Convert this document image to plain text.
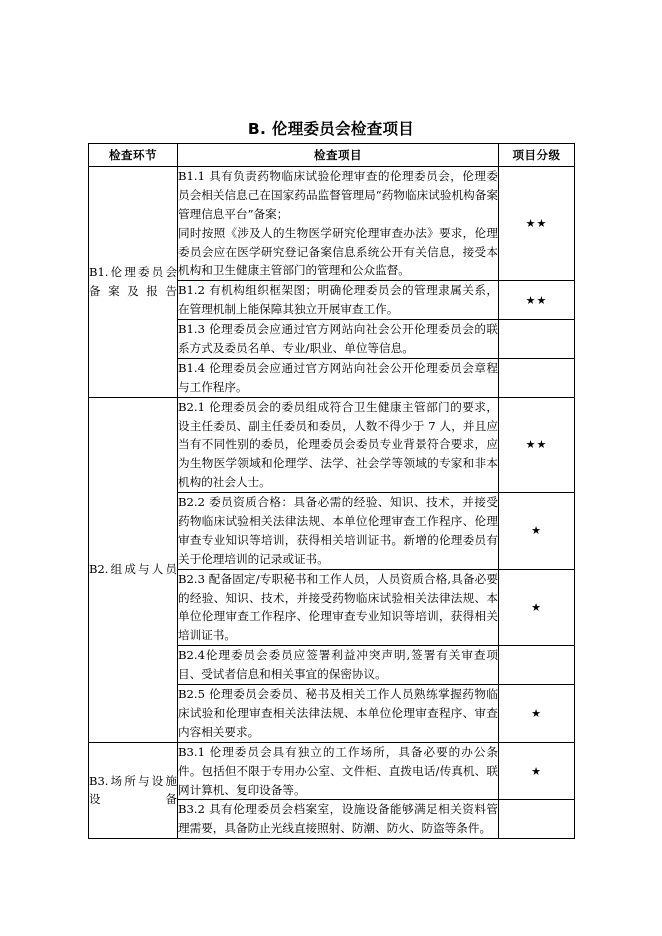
B. 伦理委员会检查项目
检查环节	检查项目	项目分级

B1.伦理委员会备案及报告	B1.1 具有负责药物临床试验伦理审查的伦理委员会，伦理委员会相关信息己在国家药品监督管理局“药物临床试验机构备案管理信息平台”备案；

同时按照《涉及人的生物医学研究伦理审查办法》要求，伦理委员会应在医学研究登记备案信息系统公开有关信息，接受本机构和卫生健康主管部门的管理和公众监督。	★★

	B1.2 有机构组织框架图；明确伦理委员会的管理隶属关系，在管理机制上能保障其独立开展审查工作。	★★

	B1.3 伦理委员会应通过官方网站向社会公开伦理委员会的联系方式及委员名单、专业/职业、单位等信息。	

	B1.4 伦理委员会应通过官方网站向社会公开伦理委员会章程与工作程序。	

B2.组成与人员	B2.1 伦理委员会的委员组成符合卫生健康主管部门的要求，设主任委员、副主任委员和委员，人数不得少于 7 人，并且应当有不同性别的委员，伦理委员会委员专业背景符合要求，应为生物医学领域和伦理学、法学、社会学等领域的专家和非本机构的社会人士。	★★

	B2.2 委员资质合格：具备必需的经验、知识、技术，并接受药物临床试验相关法律法规、本单位伦理审查工作程序、伦理审查专业知识等培训，获得相关培训证书。新增的伦理委员有关于伦理培训的记录或证书。	★

	B2.3 配备固定/专职秘书和工作人员，人员资质合格,具备必要的经验、知识、技术，并接受药物临床试验相关法律法规、本单位伦理审查工作程序、伦理审查专业知识等培训，获得相关培训证书。	★

	B2.4伦理委员会委员应签署利益冲突声明,签署有关审查项目、受试者信息和相关事宜的保密协议。	

	B2.5 伦理委员会委员、秘书及相关工作人员熟练掌握药物临床试验和伦理审查相关法律法规、本单位伦理审查程序、审查内容相关要求。	★

B3.场所与设施设备	B3.1 伦理委员会具有独立的工作场所，具备必要的办公条件。包括但不限于专用办公室、文件柜、直拨电话/传真机、联网计算机、复印设备等。	★

	B3.2 具有伦理委员会档案室，设施设备能够满足相关资料管理需要，具备防止光线直接照射、防潮、防火、防盗等条件。	
